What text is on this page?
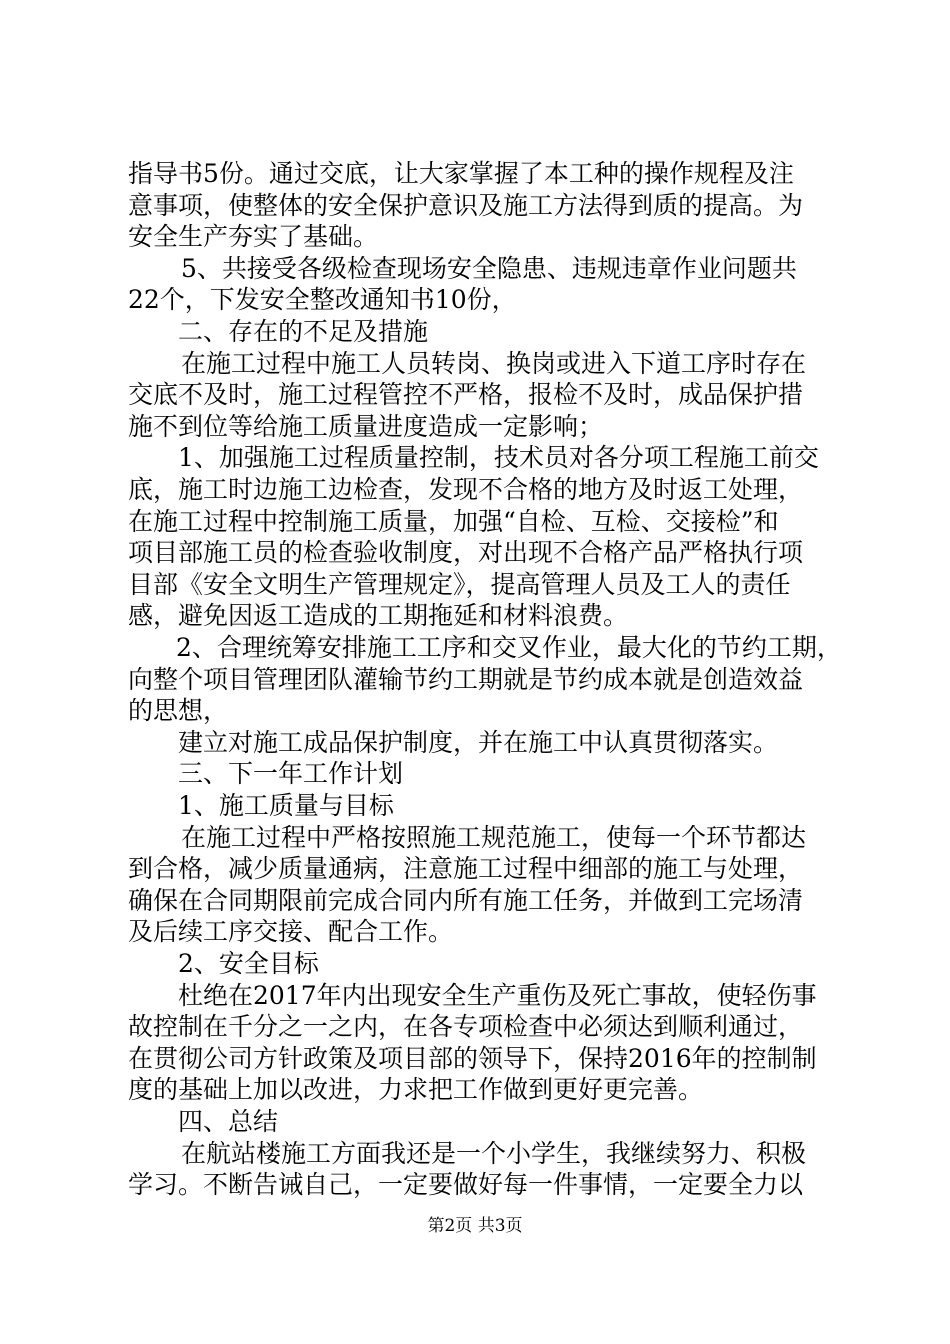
指导书5份。通过交底，让大家掌握了本工种的操作规程及注
意事项，使整体的安全保护意识及施工方法得到质的提高。为
安全生产夯实了基础。
5、共接受各级检查现场安全隐患、违规违章作业问题共
22个，下发安全整改通知书10份，
二、存在的不足及措施
在施工过程中施工人员转岗、换岗或进入下道工序时存在
交底不及时，施工过程管控不严格，报检不及时，成品保护措
施不到位等给施工质量进度造成一定影响；
1、加强施工过程质量控制，技术员对各分项工程施工前交
底，施工时边施工边检查，发现不合格的地方及时返工处理，
在施工过程中控制施工质量，加强“自检、互检、交接检”和
项目部施工员的检查验收制度，对出现不合格产品严格执行项
目部《安全文明生产管理规定》，提高管理人员及工人的责任
感，避免因返工造成的工期拖延和材料浪费。
2、合理统筹安排施工工序和交叉作业，最大化的节约工期，
向整个项目管理团队灌输节约工期就是节约成本就是创造效益
的思想，
建立对施工成品保护制度，并在施工中认真贯彻落实。
三、下一年工作计划
1、施工质量与目标
在施工过程中严格按照施工规范施工，使每一个环节都达
到合格，减少质量通病，注意施工过程中细部的施工与处理，
确保在合同期限前完成合同内所有施工任务，并做到工完场清
及后续工序交接、配合工作。
2、安全目标
杜绝在2017年内出现安全生产重伤及死亡事故，使轻伤事
故控制在千分之一之内，在各专项检查中必须达到顺利通过，
在贯彻公司方针政策及项目部的领导下，保持2016年的控制制
度的基础上加以改进，力求把工作做到更好更完善。
四、总结
在航站楼施工方面我还是一个小学生，我继续努力、积极
学习。不断告诫自己，一定要做好每一件事情，一定要全力以
第2页 共3页
